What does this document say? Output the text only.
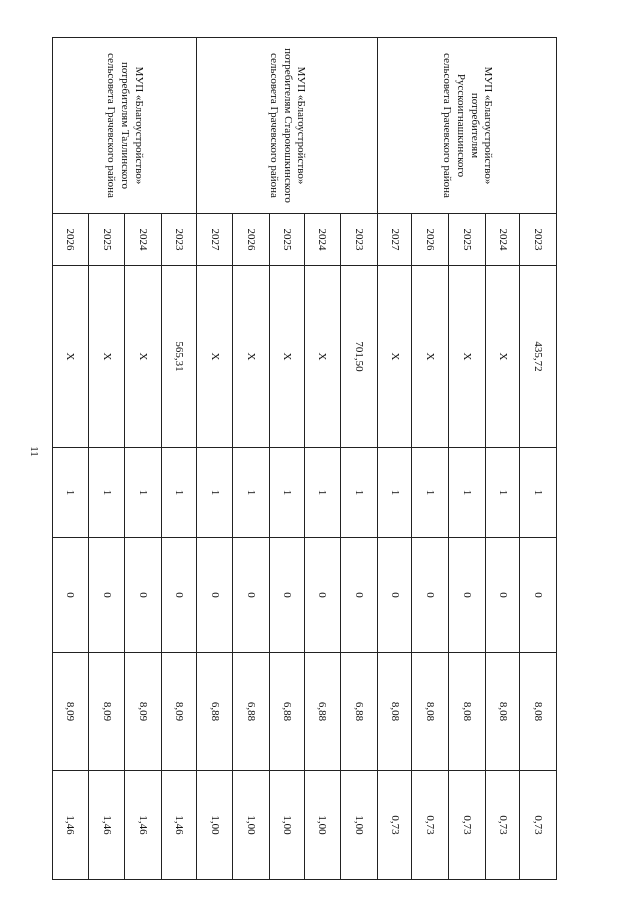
11
МУП «Благоустройство» потребителям Русскоигнашкинского сельсовета Грачевского района	2023	435,72	1	0	8,08	0,73
	2024	Х	1	0	8,08	0,73
	2025	Х	1	0	8,08	0,73
	2026	Х	1	0	8,08	0,73
	2027	Х	1	0	8,08	0,73
МУП «Благоустройство» потребителям Староюшкинского сельсовета Грачевского района	2023	701,50	1	0	6,88	1,00
	2024	Х	1	0	6,88	1,00
	2025	Х	1	0	6,88	1,00
	2026	Х	1	0	6,88	1,00
	2027	Х	1	0	6,88	1,00
МУП «Благоустройство» потребителям Таллинского сельсовета Грачевского района	2023	565,31	1	0	8,09	1,46
	2024	Х	1	0	8,09	1,46
	2025	Х	1	0	8,09	1,46
	2026	Х	1	0	8,09	1,46
